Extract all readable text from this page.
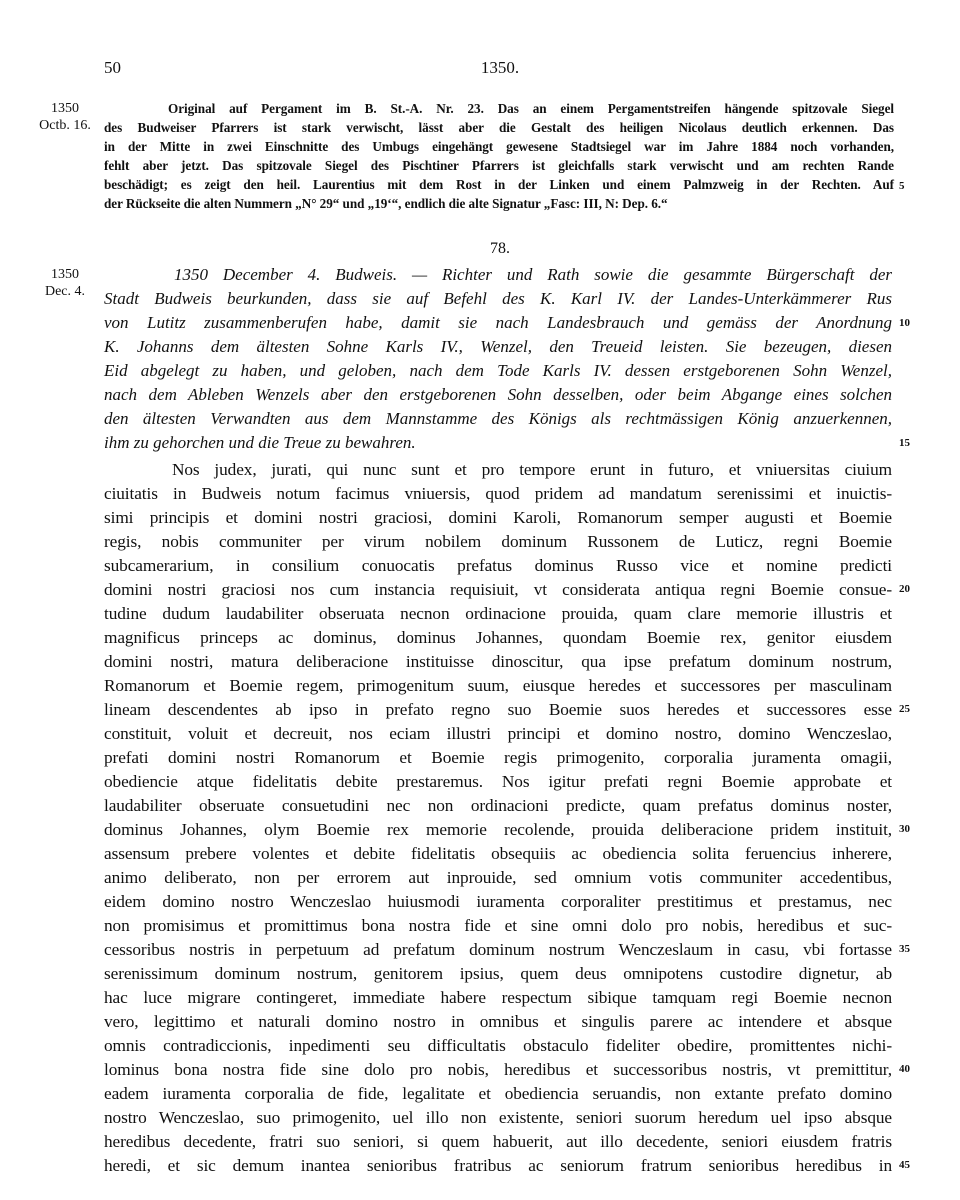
50	1350.
1350
Octb. 16.
1350
Dec. 4.
Original auf Pergament im B. St.-A. Nr. 23. Das an einem Pergamentstreifen hängende spitzovale Siegel
des Budweiser Pfarrers ist stark verwischt, lässt aber die Gestalt des heiligen Nicolaus deutlich erkennen. Das
in der Mitte in zwei Einschnitte des Umbugs eingehängt gewesene Stadtsiegel war im Jahre 1884 noch vorhanden,
fehlt aber jetzt. Das spitzovale Siegel des Pischtiner Pfarrers ist gleichfalls stark verwischt und am rechten Rande
beschädigt; es zeigt den heil. Laurentius mit dem Rost in der Linken und einem Palmzweig in der Rechten. Auf
der Rückseite die alten Nummern „N° 29“ und „19‘“, endlich die alte Signatur „Fasc: III, N: Dep. 6.“
5
78.
1350 December 4. Budweis. — Richter und Rath sowie die gesammte Bürgerschaft der
Stadt Budweis beurkunden, dass sie auf Befehl des K. Karl IV. der Landes-Unterkämmerer Rus
von Lutitz zusammenberufen habe, damit sie nach Landesbrauch und gemäss der Anordnung
K. Johanns dem ältesten Sohne Karls IV., Wenzel, den Treueid leisten. Sie bezeugen, diesen
Eid abgelegt zu haben, und geloben, nach dem Tode Karls IV. dessen erstgeborenen Sohn Wenzel,
nach dem Ableben Wenzels aber den erstgeborenen Sohn desselben, oder beim Abgange eines solchen
den ältesten Verwandten aus dem Mannstamme des Königs als rechtmässigen König anzuerkennen,
ihm zu gehorchen und die Treue zu bewahren.
10
15
Nos judex, jurati, qui nunc sunt et pro tempore erunt in futuro, et vniuersitas ciuium
ciuitatis in Budweis notum facimus vniuersis, quod pridem ad mandatum serenissimi et inuictis-
simi principis et domini nostri graciosi, domini Karoli, Romanorum semper augusti et Boemie
regis, nobis communiter per virum nobilem dominum Russonem de Luticz, regni Boemie
subcamerarium, in consilium conuocatis prefatus dominus Russo vice et nomine predicti
domini nostri graciosi nos cum instancia requisiuit, vt considerata antiqua regni Boemie consue-
tudine dudum laudabiliter obseruata necnon ordinacione prouida, quam clare memorie illustris et
magnificus princeps ac dominus, dominus Johannes, quondam Boemie rex, genitor eiusdem
domini nostri, matura deliberacione instituisse dinoscitur, qua ipse prefatum dominum nostrum,
Romanorum et Boemie regem, primogenitum suum, eiusque heredes et successores per masculinam
lineam descendentes ab ipso in prefato regno suo Boemie suos heredes et successores esse
constituit, voluit et decreuit, nos eciam illustri principi et domino nostro, domino Wenczeslao,
prefati domini nostri Romanorum et Boemie regis primogenito, corporalia juramenta omagii,
obediencie atque fidelitatis debite prestaremus. Nos igitur prefati regni Boemie approbate et
laudabiliter obseruate consuetudini nec non ordinacioni predicte, quam prefatus dominus noster,
dominus Johannes, olym Boemie rex memorie recolende, prouida deliberacione pridem instituit,
assensum prebere volentes et debite fidelitatis obsequiis ac obediencia solita feruencius inherere,
animo deliberato, non per errorem aut inprouide, sed omnium votis communiter accedentibus,
eidem domino nostro Wenczeslao huiusmodi iuramenta corporaliter prestitimus et prestamus, nec
non promisimus et promittimus bona nostra fide et sine omni dolo pro nobis, heredibus et suc-
cessoribus nostris in perpetuum ad prefatum dominum nostrum Wenczeslaum in casu, vbi fortasse
serenissimum dominum nostrum, genitorem ipsius, quem deus omnipotens custodire dignetur, ab
hac luce migrare contingeret, immediate habere respectum sibique tamquam regi Boemie necnon
vero, legittimo et naturali domino nostro in omnibus et singulis parere ac intendere et absque
omnis contradiccionis, inpedimenti seu difficultatis obstaculo fideliter obedire, promittentes nichi-
lominus bona nostra fide sine dolo pro nobis, heredibus et successoribus nostris, vt premittitur,
eadem iuramenta corporalia de fide, legalitate et obediencia seruandis, non extante prefato domino
nostro Wenczeslao, suo primogenito, uel illo non existente, seniori suorum heredum uel ipso absque
heredibus decedente, fratri suo seniori, si quem habuerit, aut illo decedente, seniori eiusdem fratris
heredi, et sic demum inantea senioribus fratribus ac seniorum fratrum senioribus heredibus in
20
25
30
35
40
45
